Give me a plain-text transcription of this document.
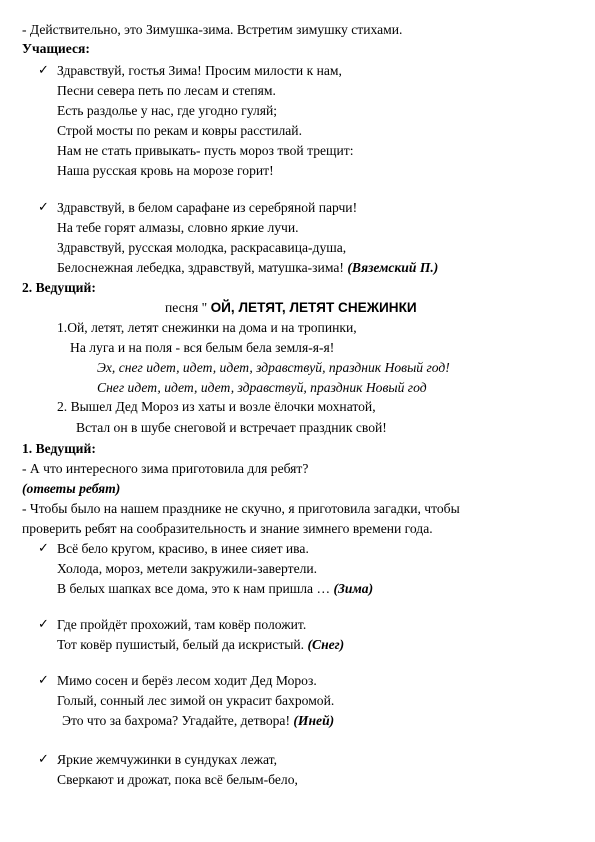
- Действительно, это Зимушка-зима. Встретим зимушку стихами.
Учащиеся:
✓ Здравствуй, гостья Зима! Просим милости к нам,
Песни севера петь по лесам и степям.
Есть раздолье у нас, где угодно гуляй;
Строй мосты по рекам и ковры расстилай.
Нам не стать привыкать- пусть мороз твой трещит:
Наша русская кровь на морозе горит!
✓ Здравствуй, в белом сарафане из серебряной парчи!
На тебе горят алмазы, словно яркие лучи.
Здравствуй, русская молодка, раскрасавица-душа,
Белоснежная лебедка, здравствуй, матушка-зима! (Вяземский П.)
2. Ведущий:
песня " ОЙ, ЛЕТЯТ, ЛЕТЯТ СНЕЖИНКИ
1.Ой, летят, летят снежинки на дома и на тропинки,
На луга и на поля - вся белым бела земля-я-я!
Эх, снег идет, идет, идет, здравствуй, праздник Новый год!
Снег идет, идет, идет, здравствуй, праздник Новый год
2. Вышел Дед Мороз из хаты и возле ёлочки мохнатой,
Встал он в шубе снеговой и встречает праздник свой!
1. Ведущий:
- А что интересного зима приготовила для ребят?
(ответы ребят)
- Чтобы было на нашем празднике не скучно, я приготовила загадки, чтобы
проверить ребят на сообразительность и знание зимнего времени года.
✓ Всё бело кругом, красиво, в инее сияет ива.
Холода, мороз, метели закружили-завертели.
В белых шапках все дома, это к нам пришла … (Зима)
✓ Где пройдёт прохожий, там ковёр положит.
Тот ковёр пушистый, белый да искристый. (Снег)
✓ Мимо сосен и берёз лесом ходит Дед Мороз.
Голый, сонный лес зимой он украсит бахромой.
Это что за бахрома? Угадайте, детвора! (Иней)
✓ Яркие жемчужинки в сундуках лежат,
Сверкают и дрожат, пока всё белым-бело,
